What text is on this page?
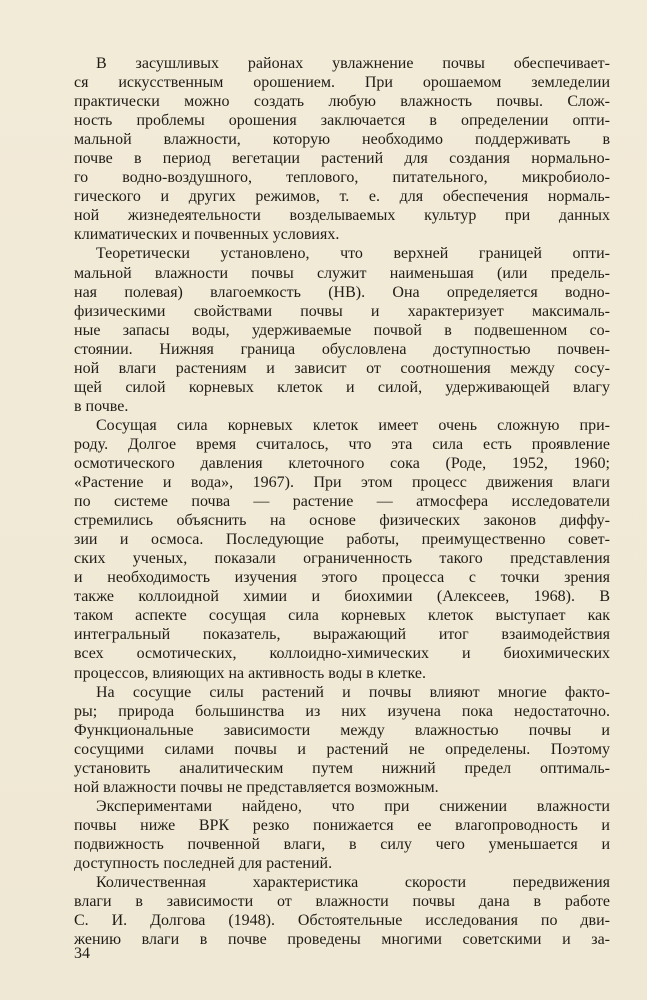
В засушливых районах увлажнение почвы обеспечивает-
ся искусственным орошением. При орошаемом земледелии
практически можно создать любую влажность почвы. Слож-
ность проблемы орошения заключается в определении опти-
мальной влажности, которую необходимо поддерживать в
почве в период вегетации растений для создания нормально-
го водно-воздушного, теплового, питательного, микробиоло-
гического и других режимов, т. е. для обеспечения нормаль-
ной жизнедеятельности возделываемых культур при данных
климатических и почвенных условиях.
Теоретически установлено, что верхней границей опти-
мальной влажности почвы служит наименьшая (или предель-
ная полевая) влагоемкость (НВ). Она определяется водно-
физическими свойствами почвы и характеризует максималь-
ные запасы воды, удерживаемые почвой в подвешенном со-
стоянии. Нижняя граница обусловлена доступностью почвен-
ной влаги растениям и зависит от соотношения между сосу-
щей силой корневых клеток и силой, удерживающей влагу
в почве.
Сосущая сила корневых клеток имеет очень сложную при-
роду. Долгое время считалось, что эта сила есть проявление
осмотического давления клеточного сока (Роде, 1952, 1960;
«Растение и вода», 1967). При этом процесс движения влаги
по системе почва — растение — атмосфера исследователи
стремились объяснить на основе физических законов диффу-
зии и осмоса. Последующие работы, преимущественно совет-
ских ученых, показали ограниченность такого представления
и необходимость изучения этого процесса с точки зрения
также коллоидной химии и биохимии (Алексеев, 1968). В
таком аспекте сосущая сила корневых клеток выступает как
интегральный показатель, выражающий итог взаимодействия
всех осмотических, коллоидно-химических и биохимических
процессов, влияющих на активность воды в клетке.
На сосущие силы растений и почвы влияют многие факто-
ры; природа большинства из них изучена пока недостаточно.
Функциональные зависимости между влажностью почвы и
сосущими силами почвы и растений не определены. Поэтому
установить аналитическим путем нижний предел оптималь-
ной влажности почвы не представляется возможным.
Экспериментами найдено, что при снижении влажности
почвы ниже ВРК резко понижается ее влагопроводность и
подвижность почвенной влаги, в силу чего уменьшается и
доступность последней для растений.
Количественная характеристика скорости передвижения
влаги в зависимости от влажности почвы дана в работе
С. И. Долгова (1948). Обстоятельные исследования по дви-
жению влаги в почве проведены многими советскими и за-
34
